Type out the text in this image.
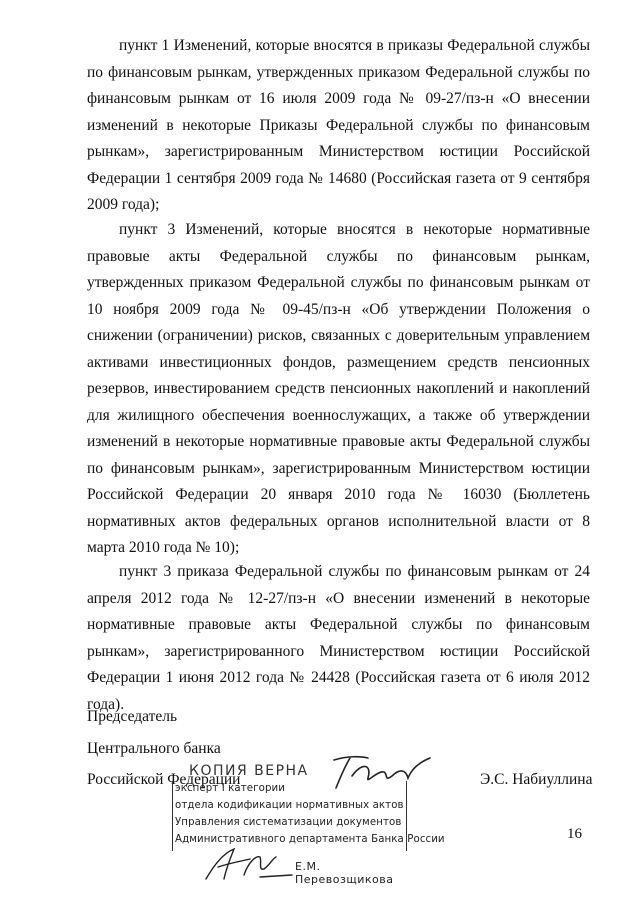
пункт 1 Изменений, которые вносятся в приказы Федеральной службы по финансовым рынкам, утвержденных приказом Федеральной службы по финансовым рынкам от 16 июля 2009 года № 09-27/пз-н «О внесении изменений в некоторые Приказы Федеральной службы по финансовым рынкам», зарегистрированным Министерством юстиции Российской Федерации 1 сентября 2009 года № 14680 (Российская газета от 9 сентября 2009 года);

пункт 3 Изменений, которые вносятся в некоторые нормативные правовые акты Федеральной службы по финансовым рынкам, утвержденных приказом Федеральной службы по финансовым рынкам от 10 ноября 2009 года № 09-45/пз-н «Об утверждении Положения о снижении (ограничении) рисков, связанных с доверительным управлением активами инвестиционных фондов, размещением средств пенсионных резервов, инвестированием средств пенсионных накоплений и накоплений для жилищного обеспечения военнослужащих, а также об утверждении изменений в некоторые нормативные правовые акты Федеральной службы по финансовым рынкам», зарегистрированным Министерством юстиции Российской Федерации 20 января 2010 года № 16030 (Бюллетень нормативных актов федеральных органов исполнительной власти от 8 марта 2010 года № 10);

пункт 3 приказа Федеральной службы по финансовым рынкам от 24 апреля 2012 года № 12-27/пз-н «О внесении изменений в некоторые нормативные правовые акты Федеральной службы по финансовым рынкам», зарегистрированного Министерством юстиции Российской Федерации 1 июня 2012 года № 24428 (Российская газета от 6 июля 2012 года).

Председатель

Центрального банка

Российской Федерации	Э.С. Набиуллина

КОПИЯ ВЕРНА
эксперт I категории
отдела кодификации нормативных актов
Управления систематизации документов
Административного департамента Банка России
Е.М. Перевозщикова

16
